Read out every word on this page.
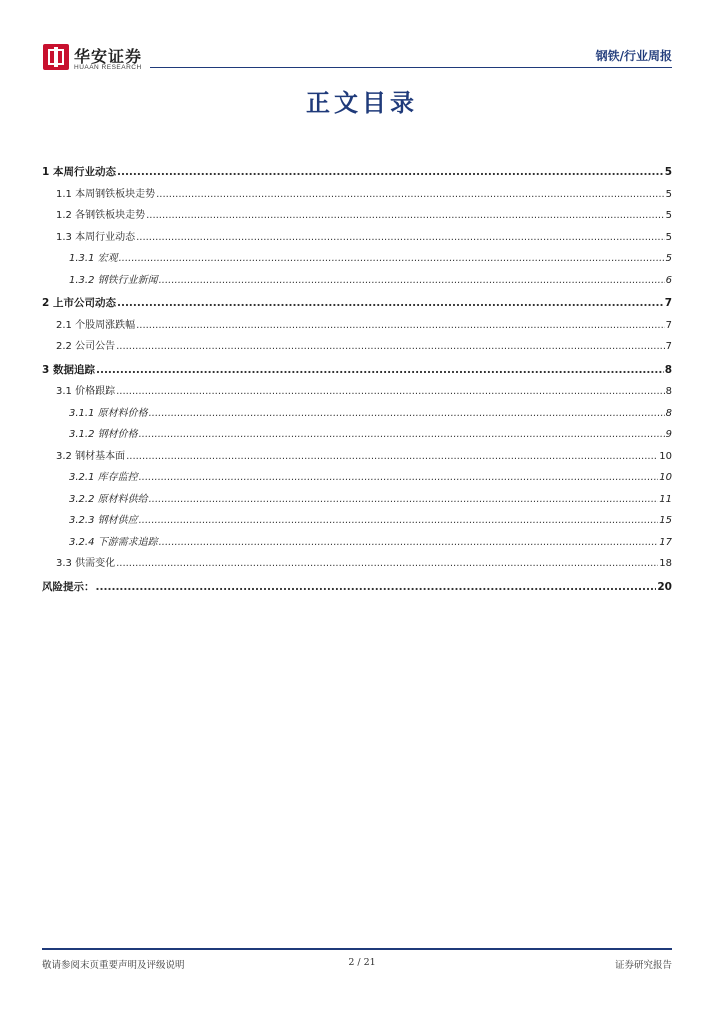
华安证券
HUAAN RESEARCH
钢铁/行业周报
正文目录
1 本周行业动态 .....	5
1.1 本周钢铁板块走势 .....	5
1.2 各钢铁板块走势 .....	5
1.3 本周行业动态 .....	5
1.3.1 宏观 .....	5
1.3.2 钢铁行业新闻 .....	6
2 上市公司动态 .....	7
2.1 个股周涨跌幅 .....	7
2.2 公司公告 .....	7
3 数据追踪 .....	8
3.1 价格跟踪 .....	8
3.1.1 原材料价格 .....	8
3.1.2 钢材价格 .....	9
3.2 钢材基本面 .....	10
3.2.1 库存监控 .....	10
3.2.2 原材料供给 .....	11
3.2.3 钢材供应 .....	15
3.2.4 下游需求追踪 .....	17
3.3 供需变化 .....	18
风险提示： .....	20
敬请参阅末页重要声明及评级说明	2 / 21	证券研究报告
